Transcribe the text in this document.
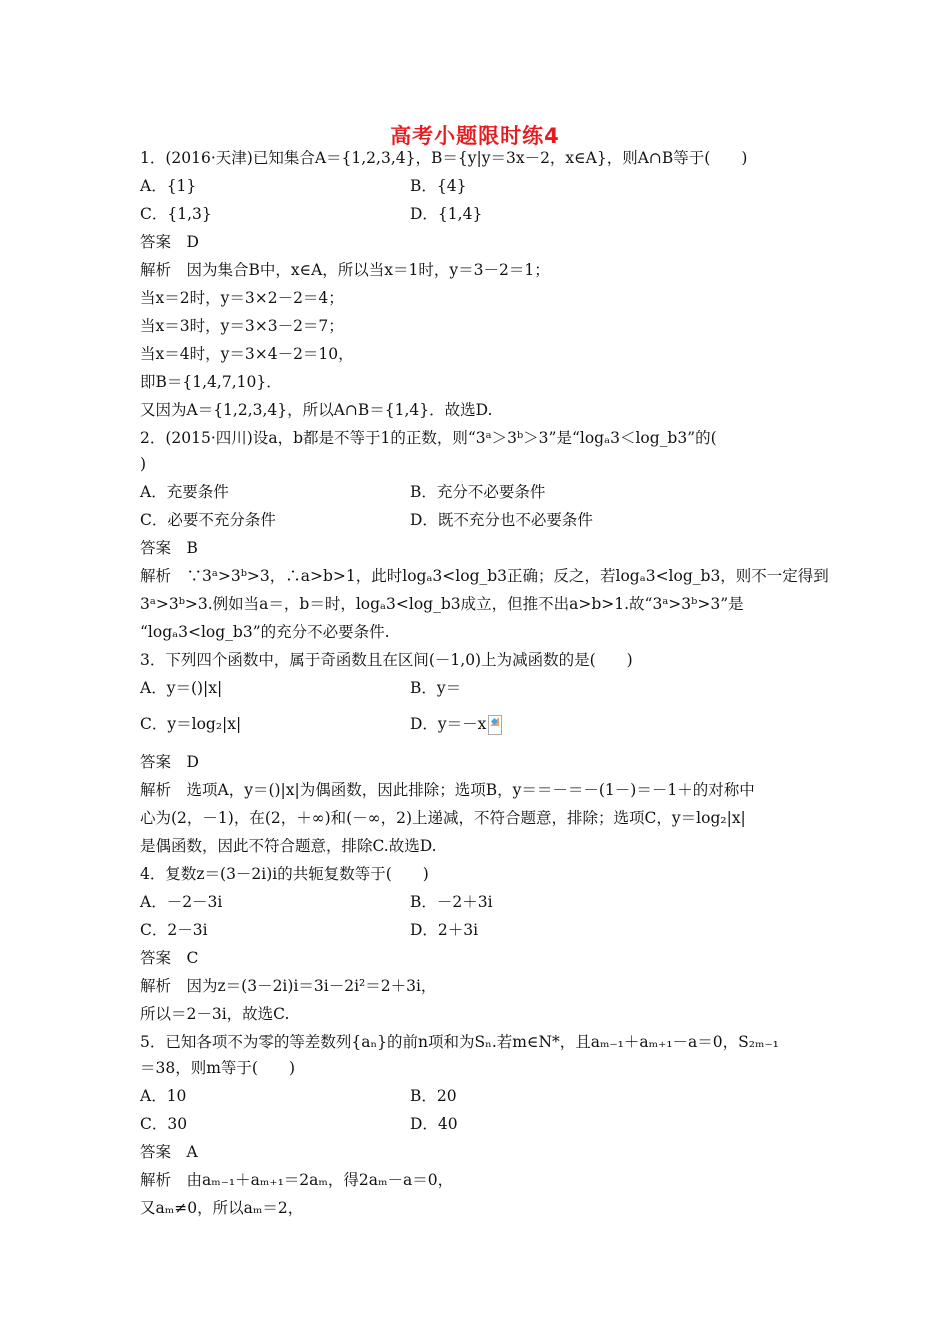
高考小题限时练4
1．(2016·天津)已知集合A＝{1,2,3,4}，B＝{y|y＝3x－2，x∈A}，则A∩B等于(　　)
A．{1}	B．{4}
C．{1,3}	D．{1,4}
答案　D
解析　因为集合B中，x∈A，所以当x＝1时，y＝3－2＝1；
当x＝2时，y＝3×2－2＝4；
当x＝3时，y＝3×3－2＝7；
当x＝4时，y＝3×4－2＝10，
即B＝{1,4,7,10}．
又因为A＝{1,2,3,4}，所以A∩B＝{1,4}．故选D.
2．(2015·四川)设a，b都是不等于1的正数，则“3ᵃ＞3ᵇ＞3”是“logₐ3＜log_b3”的(
)
A．充要条件	B．充分不必要条件
C．必要不充分条件	D．既不充分也不必要条件
答案　B
解析　∵3ᵃ>3ᵇ>3，∴a>b>1，此时logₐ3<log_b3正确；反之，若logₐ3<log_b3，则不一定得到
3ᵃ>3ᵇ>3.例如当a＝，b＝时，logₐ3<log_b3成立，但推不出a>b>1.故“3ᵃ>3ᵇ>3”是
“logₐ3<log_b3”的充分不必要条件.
3．下列四个函数中，属于奇函数且在区间(－1,0)上为减函数的是(　　)
A．y＝()|x|	B．y＝
C．y＝log₂|x|	D．y＝－x
答案　D
解析　选项A，y＝()|x|为偶函数，因此排除；选项B，y＝＝－＝－(1－)＝－1＋的对称中
心为(2，－1)，在(2，＋∞)和(－∞，2)上递减，不符合题意，排除；选项C，y＝log₂|x|
是偶函数，因此不符合题意，排除C.故选D.
4．复数z＝(3－2i)i的共轭复数等于(　　)
A．－2－3i	B．－2＋3i
C．2－3i	D．2＋3i
答案　C
解析　因为z＝(3－2i)i＝3i－2i²＝2＋3i，
所以＝2－3i，故选C.
5．已知各项不为零的等差数列{aₙ}的前n项和为Sₙ.若m∈N*，且aₘ₋₁＋aₘ₊₁－a＝0，S₂ₘ₋₁
＝38，则m等于(　　)
A．10	B．20
C．30	D．40
答案　A
解析　由aₘ₋₁＋aₘ₊₁＝2aₘ，得2aₘ－a＝0，
又aₘ≠0，所以aₘ＝2，
